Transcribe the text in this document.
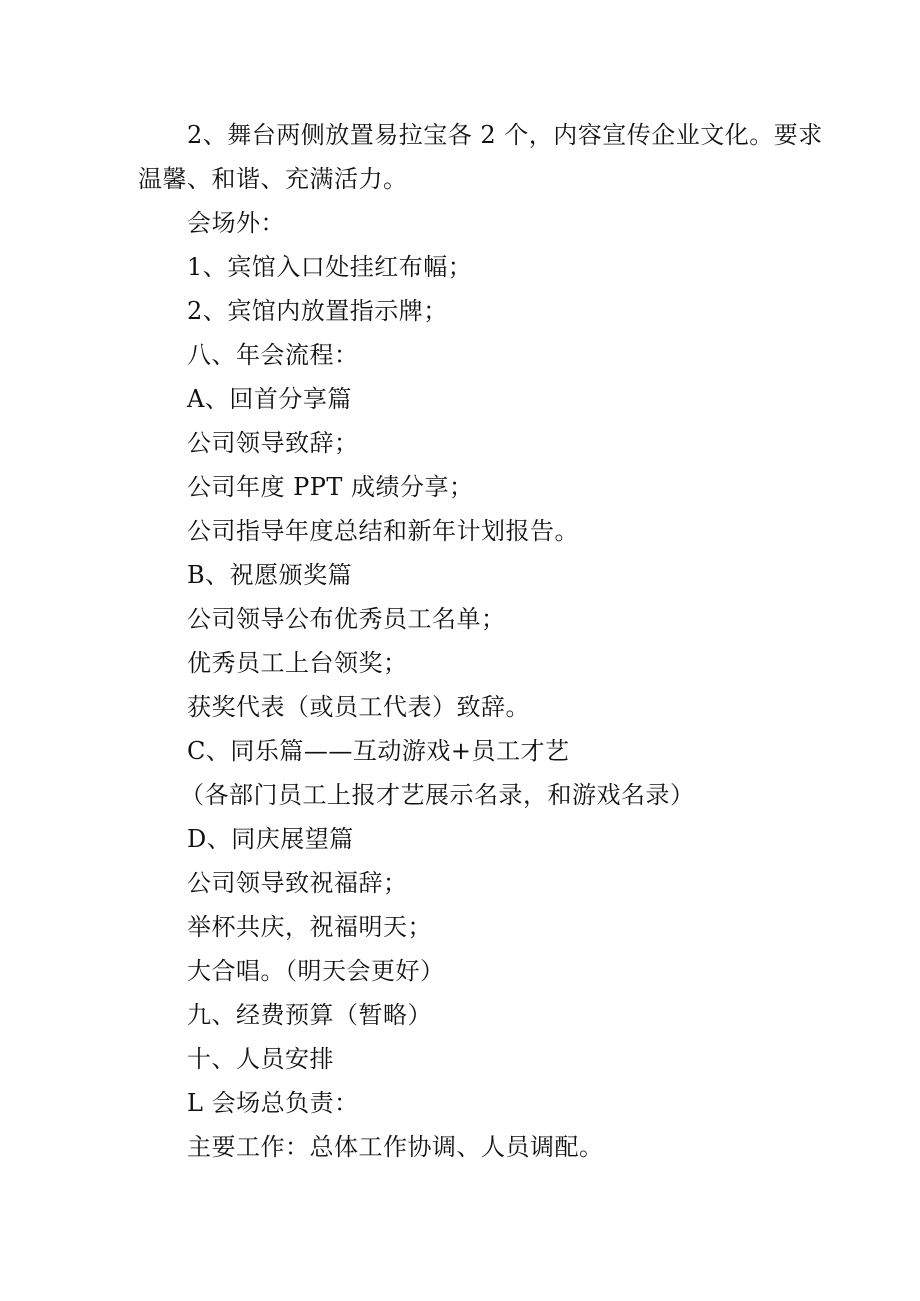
2、舞台两侧放置易拉宝各 2 个，内容宣传企业文化。要求
温馨、和谐、充满活力。
会场外：
1、宾馆入口处挂红布幅；
2、宾馆内放置指示牌；
八、年会流程：
A、回首分享篇
公司领导致辞；
公司年度 PPT 成绩分享；
公司指导年度总结和新年计划报告。
B、祝愿颁奖篇
公司领导公布优秀员工名单；
优秀员工上台领奖；
获奖代表（或员工代表）致辞。
C、同乐篇——互动游戏+员工才艺
（各部门员工上报才艺展示名录，和游戏名录）
D、同庆展望篇
公司领导致祝福辞；
举杯共庆，祝福明天；
大合唱。（明天会更好）
九、经费预算（暂略）
十、人员安排
L 会场总负责：
主要工作：总体工作协调、人员调配。
